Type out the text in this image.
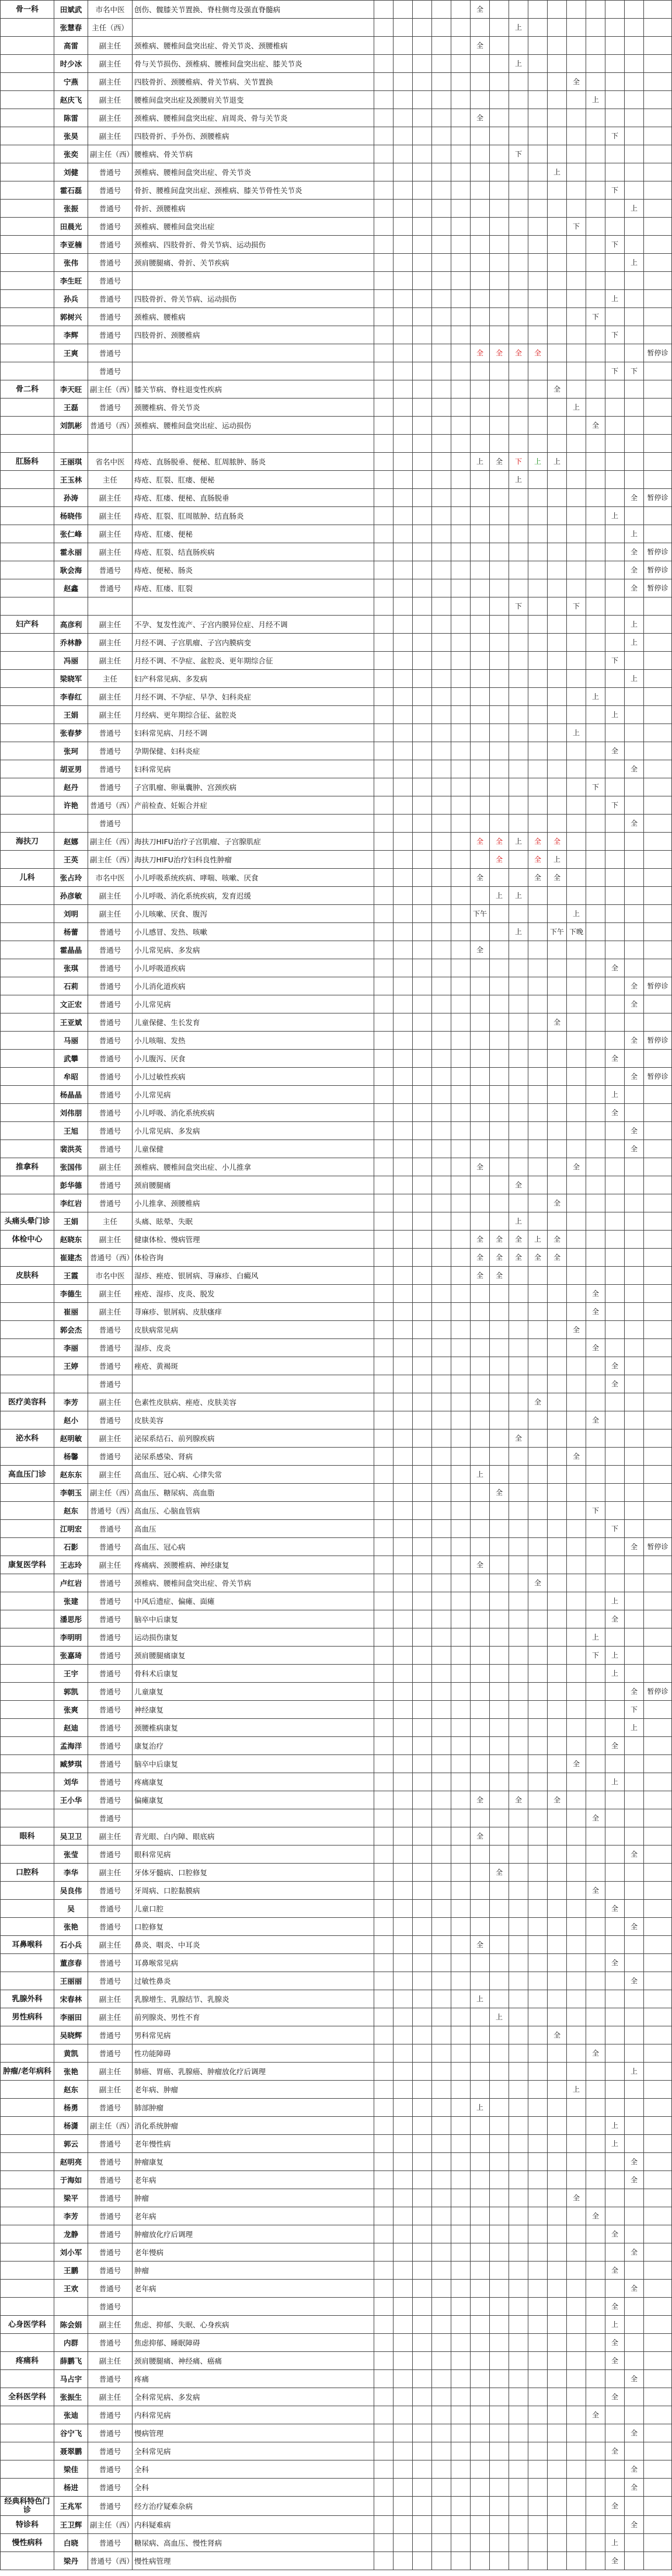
骨一科	田斌武	市名中医	创伤、髋膝关节置换、脊柱侧弯及强直脊髓病						全									
	张慧春	主任（西）									上							
	高雷	副主任	颈椎病、腰椎间盘突出症、骨关节炎、颈腰椎病						全									
	时少冰	副主任	骨与关节损伤、颈椎病、腰椎间盘突出症、膝关节炎								上							
	宁燕	副主任	四肢骨折、颈腰椎病、骨关节病、关节置换											全				
	赵庆飞	副主任	腰椎间盘突出症及颈腰肩关节退变												上			
	陈雷	副主任	颈椎病、腰椎间盘突出症、肩周炎、骨与关节炎						全									
	张昊	副主任	四肢骨折、手外伤、颈腰椎病													下		
	张奕	副主任（西）	腰椎病、骨关节病								下							
	刘健	普通号	颈椎病、腰椎间盘突出症、骨关节炎										上					
	霍石磊	普通号	骨折、腰椎间盘突出症、颈椎病、膝关节骨性关节炎													下		
	张振	普通号	骨折、颈腰椎病														上	
	田晨光	普通号	颈椎病、腰椎间盘突出症											下				
	李亚楠	普通号	颈椎病、四肢骨折、骨关节病、运动损伤													下		
	张伟	普通号	颈肩腰腿痛、骨折、关节疾病														上	
	李生旺	普通号																
	孙兵	普通号	四肢骨折、骨关节病、运动损伤													上		
	郭树兴	普通号	颈椎病、腰椎病												下			
	李辉	普通号	四肢骨折、颈腰椎病													下		
	王爽	普通号							全	全	全	全						暂停诊
		普通号														下	下	
骨二科	李天旺	副主任（西）	膝关节病、脊柱退变性疾病										全					
	王磊	普通号	颈腰椎病、骨关节炎											上				
	刘凯彬	普通号（西）	颈椎病、腰椎间盘突出症、运动损伤												全			

肛肠科	王丽琪	省名中医	痔疮、直肠脱垂、便秘、肛周脓肿、肠炎						上	全	下	上	上					
	王玉林	主任	痔疮、肛裂、肛瘘、便秘								上							
	孙涛	副主任	痔疮、肛瘘、便秘、直肠脱垂														全	暂停诊
	杨晓伟	副主任	痔疮、肛裂、肛周脓肿、结直肠炎													上		
	张仁峰	副主任	痔疮、肛瘘、便秘														上	
	霍永丽	副主任	痔疮、肛裂、结直肠疾病														全	暂停诊
	耿会海	普通号	痔疮、便秘、肠炎														全	暂停诊
	赵鑫	普通号	痔疮、肛瘘、肛裂														全	暂停诊
											下			下				
妇产科	高彦利	副主任	不孕、复发性流产、子宫内膜异位症、月经不调														上	
	乔林静	副主任	月经不调、子宫肌瘤、子宫内膜病变														上	
	冯丽	副主任	月经不调、不孕症、盆腔炎、更年期综合征													下		
	梁晓军	主任	妇产科常见病、多发病														上	
	李春红	副主任	月经不调、不孕症、早孕、妇科炎症												上			
	王娟	副主任	月经病、更年期综合征、盆腔炎													上		
	张春梦	普通号	妇科常见病、月经不调											上				
	张珂	普通号	孕期保健、妇科炎症													全		
	胡亚男	普通号	妇科常见病														全	
	赵丹	普通号	子宫肌瘤、卵巢囊肿、宫颈疾病												下			
	许艳	普通号（西）	产前检查、妊娠合并症													下		
		普通号															全	
海扶刀	赵娜	副主任（西）	海扶刀HIFU治疗子宫肌瘤、子宫腺肌症						全	全	上	全	全					
	王英	副主任（西）	海扶刀HIFU治疗妇科良性肿瘤							全		全	上					
儿科	张占玲	市名中医	小儿呼吸系统疾病、哮喘、咳嗽、厌食						全			全	全					
	孙彦敏	副主任	小儿呼吸、消化系统疾病，发育迟缓							上	上							
	刘明	副主任	小儿咳嗽、厌食、腹泻						下午					上				
	杨蕾	普通号	小儿感冒、发热、咳嗽								上		下午	下晚				
	霍晶晶	普通号	小儿常见病、多发病						全									
	张琪	普通号	小儿呼吸道疾病													全		
	石莉	普通号	小儿消化道疾病														全	暂停诊
	文正宏	普通号	小儿常见病														全	
	王亚斌	普通号	儿童保健、生长发育										全					
	马丽	普通号	小儿咳喘、发热														全	暂停诊
	武攀	普通号	小儿腹泻、厌食													全		
	牟昭	普通号	小儿过敏性疾病														全	暂停诊
	杨晶晶	普通号	小儿常见病													上		
	刘伟朋	普通号	小儿呼吸、消化系统疾病													全		
	王旭	普通号	小儿常见病、多发病														全	
	裴洪英	普通号	儿童保健														全	
推拿科	张国伟	副主任	颈椎病、腰椎间盘突出症、小儿推拿						全					全				
	彭华德	普通号	颈肩腰腿痛								全							
	李红岩	普通号	小儿推拿、颈腰椎病										全					
头痛头晕门诊	王娟	主任	头痛、眩晕、失眠								上							
体检中心	赵晓东	副主任	健康体检、慢病管理						全	全	全	上	全					
	崔建杰	普通号（西）	体检咨询						全	全	全	全	全					
皮肤科	王霞	市名中医	湿疹、痤疮、银屑病、荨麻疹、白癜风						全	全								
	李德生	副主任	痤疮、湿疹、皮炎、脱发												全			
	崔丽	副主任	荨麻疹、银屑病、皮肤瘙痒												全			
	郭会杰	普通号	皮肤病常见病											全				
	李丽	普通号	湿疹、皮炎												全			
	王婷	普通号	痤疮、黄褐斑													全		
		普通号														全		
医疗美容科	李芳	副主任	色素性皮肤病、痤疮、皮肤美容									全						
	赵小	普通号	皮肤美容												全			
泌水科	赵明敏	副主任	泌尿系结石、前列腺疾病								全							
	杨馨	普通号	泌尿系感染、肾病											全				
高血压门诊	赵东东	副主任	高血压、冠心病、心律失常						上									
	李朝玉	副主任（西）	高血压、糖尿病、高血脂							全								
	赵东	普通号（西）	高血压、心脑血管病												下			
	江明宏	普通号	高血压													下		
	石影	普通号	高血压、冠心病														全	暂停诊
康复医学科	王志玲	副主任	疼痛病、颈腰椎病、神经康复						全									
	卢红岩	普通号	颈椎病、腰椎间盘突出症、骨关节病									全						
	张建	普通号	中风后遗症、偏瘫、面瘫													上		
	潘思彤	普通号	脑卒中后康复													全		
	李明明	普通号	运动损伤康复												上			
	张嘉琦	普通号	颈肩腰腿痛康复												下	上		
	王宇	普通号	骨科术后康复													上		
	郭凯	普通号	儿童康复														全	暂停诊
	张爽	普通号	神经康复														下	
	赵迪	普通号	颈腰椎病康复														上	
	孟海洋	普通号	康复治疗													全		
	臧梦琪	普通号	脑卒中后康复											全				
	刘华	普通号	疼痛康复													上		
	王小华	普通号	偏瘫康复						全		全		全					
		普通号													全			
眼科	吴卫卫	副主任	青光眼、白内障、眼底病						全									
	张莹	普通号	眼科常见病														全	
口腔科	李华	副主任	牙体牙髓病、口腔修复							全								
	吴良伟	普通号	牙周病、口腔黏膜病												全			
	吴	普通号	儿童口腔													全		
	张艳	普通号	口腔修复														全	
耳鼻喉科	石小兵	副主任	鼻炎、咽炎、中耳炎						全									
	董彦春	普通号	耳鼻喉常见病													全		
	王丽丽	普通号	过敏性鼻炎														全	
乳腺外科	宋春林	副主任	乳腺增生、乳腺结节、乳腺炎						上									
男性病科	李丽田	副主任	前列腺炎、男性不育							上								
	吴晓辉	普通号	男科常见病										全					
	黄凯	普通号	性功能障碍												全			
肿瘤/老年病科	张艳	副主任	肺癌、胃癌、乳腺癌、肿瘤放化疗后调理														上	
	赵东	副主任	老年病、肿瘤											上				
	杨勇	普通号	肺部肿瘤						上									
	杨潇	副主任（西）	消化系统肿瘤													上		
	郭云	普通号	老年慢性病													上		
	赵明亮	普通号	肿瘤康复														全	
	于海如	普通号	老年病														全	
	梁平	普通号	肿瘤											全				
	李芳	普通号	老年病												全			
	龙静	普通号	肿瘤放化疗后调理													全		
	刘小军	普通号	老年慢病														全	
	王鹏	普通号	肿瘤													全		
	王欢	普通号	老年病														全	
		普通号														全		
心身医学科	陈会娟	副主任	焦虑、抑郁、失眠、心身疾病													上		
	内群	普通号	焦虑抑郁、睡眠障碍													全		
疼痛科	薛鹏飞	副主任	颈肩腰腿痛、神经痛、癌痛													全		
	马占宇	普通号	疼痛														全	
全科医学科	张振生	副主任	全科常见病、多发病													全		
	张迪	普通号	内科常见病												全			
	谷宁飞	普通号	慢病管理														全	
	聂翠鹏	普通号	全科常见病													全		
	梁佳	普通号	全科														全	
	杨进	普通号	全科														全	
经典科特色门诊	王兆军	普通号	经方治疗疑难杂病													全		
特诊科	王卫辉	副主任（西）	内科疑难病														全	
慢性病科	白晓	普通号	糖尿病、高血压、慢性肾病													上		
	梁丹	普通号（西）	慢性病管理													全		
